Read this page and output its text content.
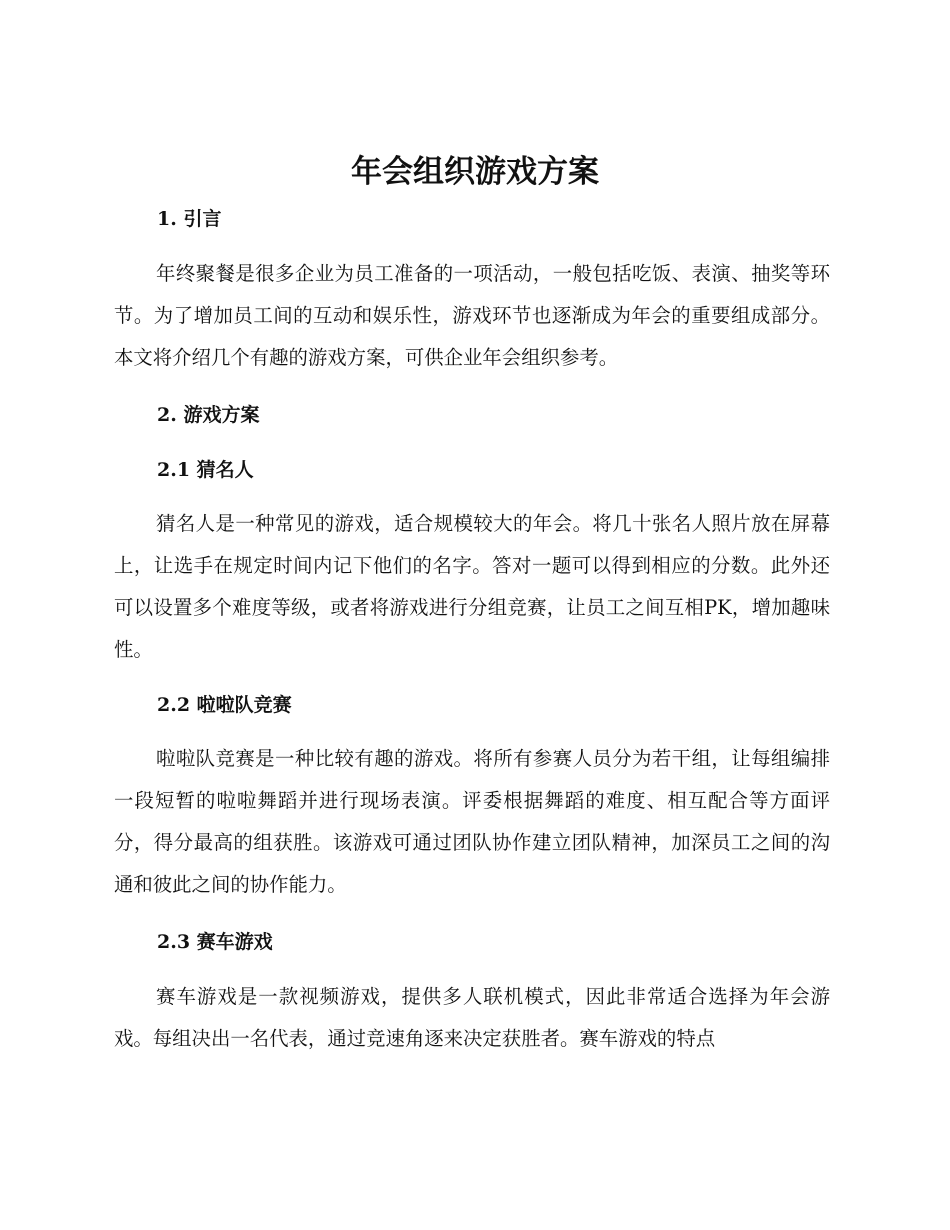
年会组织游戏方案
1. 引言

年终聚餐是很多企业为员工准备的一项活动，一般包括吃饭、表演、抽奖等环节。为了增加员工间的互动和娱乐性，游戏环节也逐渐成为年会的重要组成部分。本文将介绍几个有趣的游戏方案，可供企业年会组织参考。

2. 游戏方案
2.1 猜名人

猜名人是一种常见的游戏，适合规模较大的年会。将几十张名人照片放在屏幕上，让选手在规定时间内记下他们的名字。答对一题可以得到相应的分数。此外还可以设置多个难度等级，或者将游戏进行分组竞赛，让员工之间互相PK，增加趣味性。

2.2 啦啦队竞赛

啦啦队竞赛是一种比较有趣的游戏。将所有参赛人员分为若干组，让每组编排一段短暂的啦啦舞蹈并进行现场表演。评委根据舞蹈的难度、相互配合等方面评分，得分最高的组获胜。该游戏可通过团队协作建立团队精神，加深员工之间的沟通和彼此之间的协作能力。

2.3 赛车游戏

赛车游戏是一款视频游戏，提供多人联机模式，因此非常适合选择为年会游戏。每组决出一名代表，通过竞速角逐来决定获胜者。赛车游戏的特点
